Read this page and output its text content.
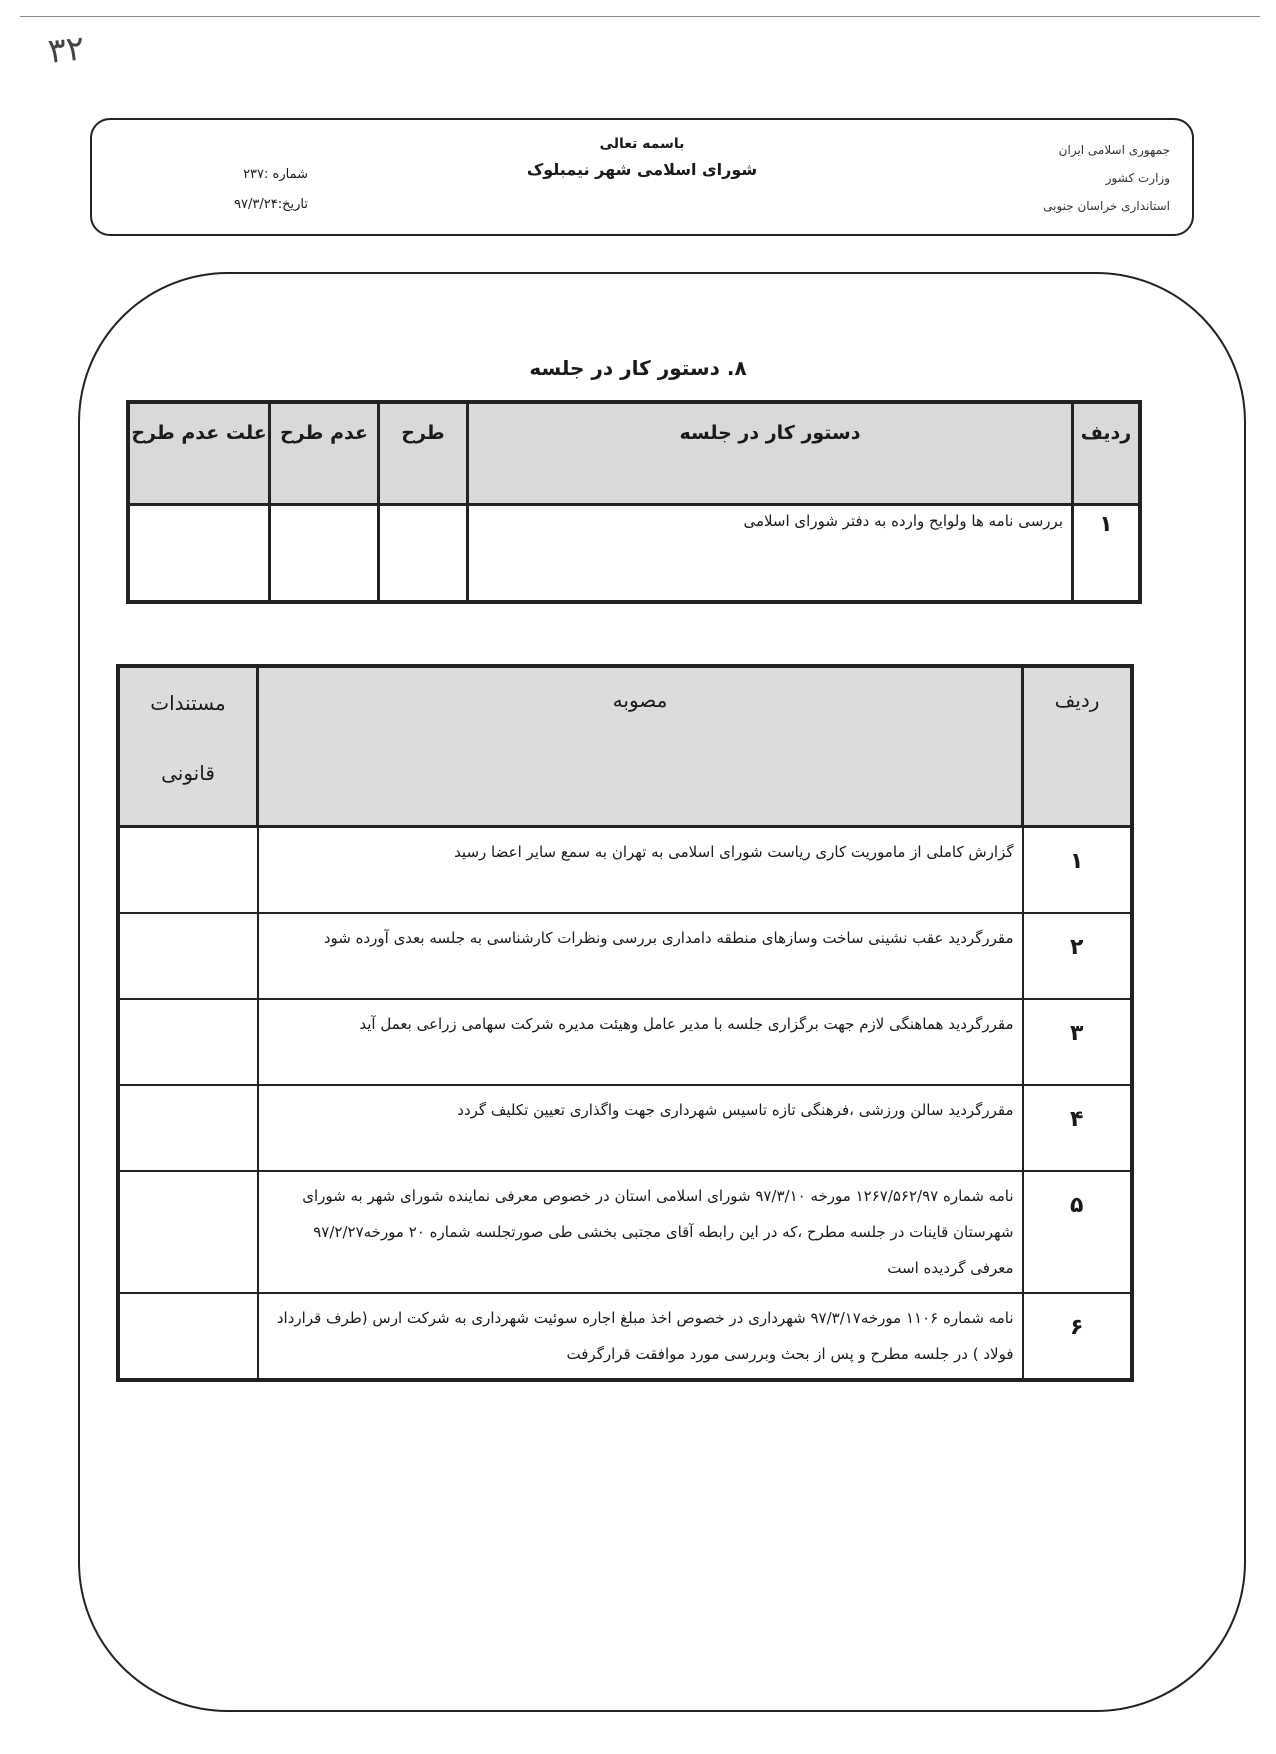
۳۲
جمهوری اسلامی ایران
وزارت کشور
استانداری خراسان جنوبی
باسمه تعالی
شورای اسلامی شهر نیمبلوک
شماره :۲۳۷
تاریخ:۹۷/۳/۲۴
۸. دستور کار در جلسه
ردیف	دستور کار در جلسه	طرح	عدم طرح	علت عدم طرح
۱	بررسی نامه ها ولوایح وارده به دفتر شورای اسلامی			
ردیف	مصوبه	مستندات قانونی
۱	گزارش کاملی از ماموریت کاری ریاست شورای اسلامی به تهران به سمع سایر اعضا رسید	
۲	مقررگردید عقب نشینی ساخت وسازهای منطقه دامداری بررسی ونظرات کارشناسی به جلسه بعدی آورده شود	
۳	مقررگردید هماهنگی لازم جهت برگزاری جلسه با مدیر عامل وهیئت مدیره شرکت سهامی زراعی بعمل آید	
۴	مقررگردید سالن ورزشی ،فرهنگی تازه تاسیس شهرداری جهت واگذاری تعیین تکلیف گردد	
۵	نامه شماره ۱۲۶۷/۵۶۲/۹۷ مورخه ۹۷/۳/۱۰ شورای اسلامی استان در خصوص معرفی نماینده شورای شهر به شورای شهرستان قاینات در جلسه مطرح ،که در این رابطه آقای مجتبی بخشی طی صورتجلسه شماره ۲۰ مورخه۹۷/۲/۲۷ معرفی گردیده است	
۶	نامه شماره ۱۱۰۶ مورخه۹۷/۳/۱۷ شهرداری در خصوص اخذ مبلغ اجاره سوئیت شهرداری به شرکت ارس (طرف قرارداد فولاد ) در جلسه مطرح و پس از بحث وبررسی مورد موافقت قرارگرفت	
